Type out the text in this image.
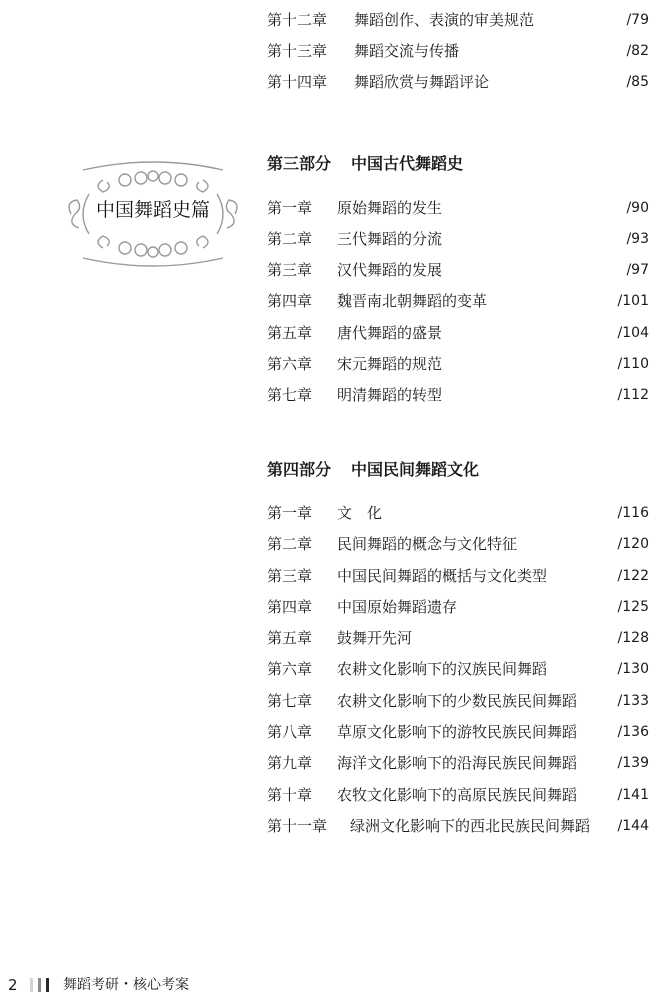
第十二章 舞蹈创作、表演的审美规范	/79
第十三章 舞蹈交流与传播	/82
第十四章 舞蹈欣赏与舞蹈评论	/85
中国舞蹈史篇
第三部分 中国古代舞蹈史
第一章 原始舞蹈的发生	/90
第二章 三代舞蹈的分流	/93
第三章 汉代舞蹈的发展	/97
第四章 魏晋南北朝舞蹈的变革	/101
第五章 唐代舞蹈的盛景	/104
第六章 宋元舞蹈的规范	/110
第七章 明清舞蹈的转型	/112
第四部分 中国民间舞蹈文化
第一章 文　化	/116
第二章 民间舞蹈的概念与文化特征	/120
第三章 中国民间舞蹈的概括与文化类型	/122
第四章 中国原始舞蹈遗存	/125
第五章 鼓舞开先河	/128
第六章 农耕文化影响下的汉族民间舞蹈	/130
第七章 农耕文化影响下的少数民族民间舞蹈	/133
第八章 草原文化影响下的游牧民族民间舞蹈	/136
第九章 海洋文化影响下的沿海民族民间舞蹈	/139
第十章 农牧文化影响下的高原民族民间舞蹈	/141
第十一章 绿洲文化影响下的西北民族民间舞蹈 /144
2	舞蹈考研・核心考案
